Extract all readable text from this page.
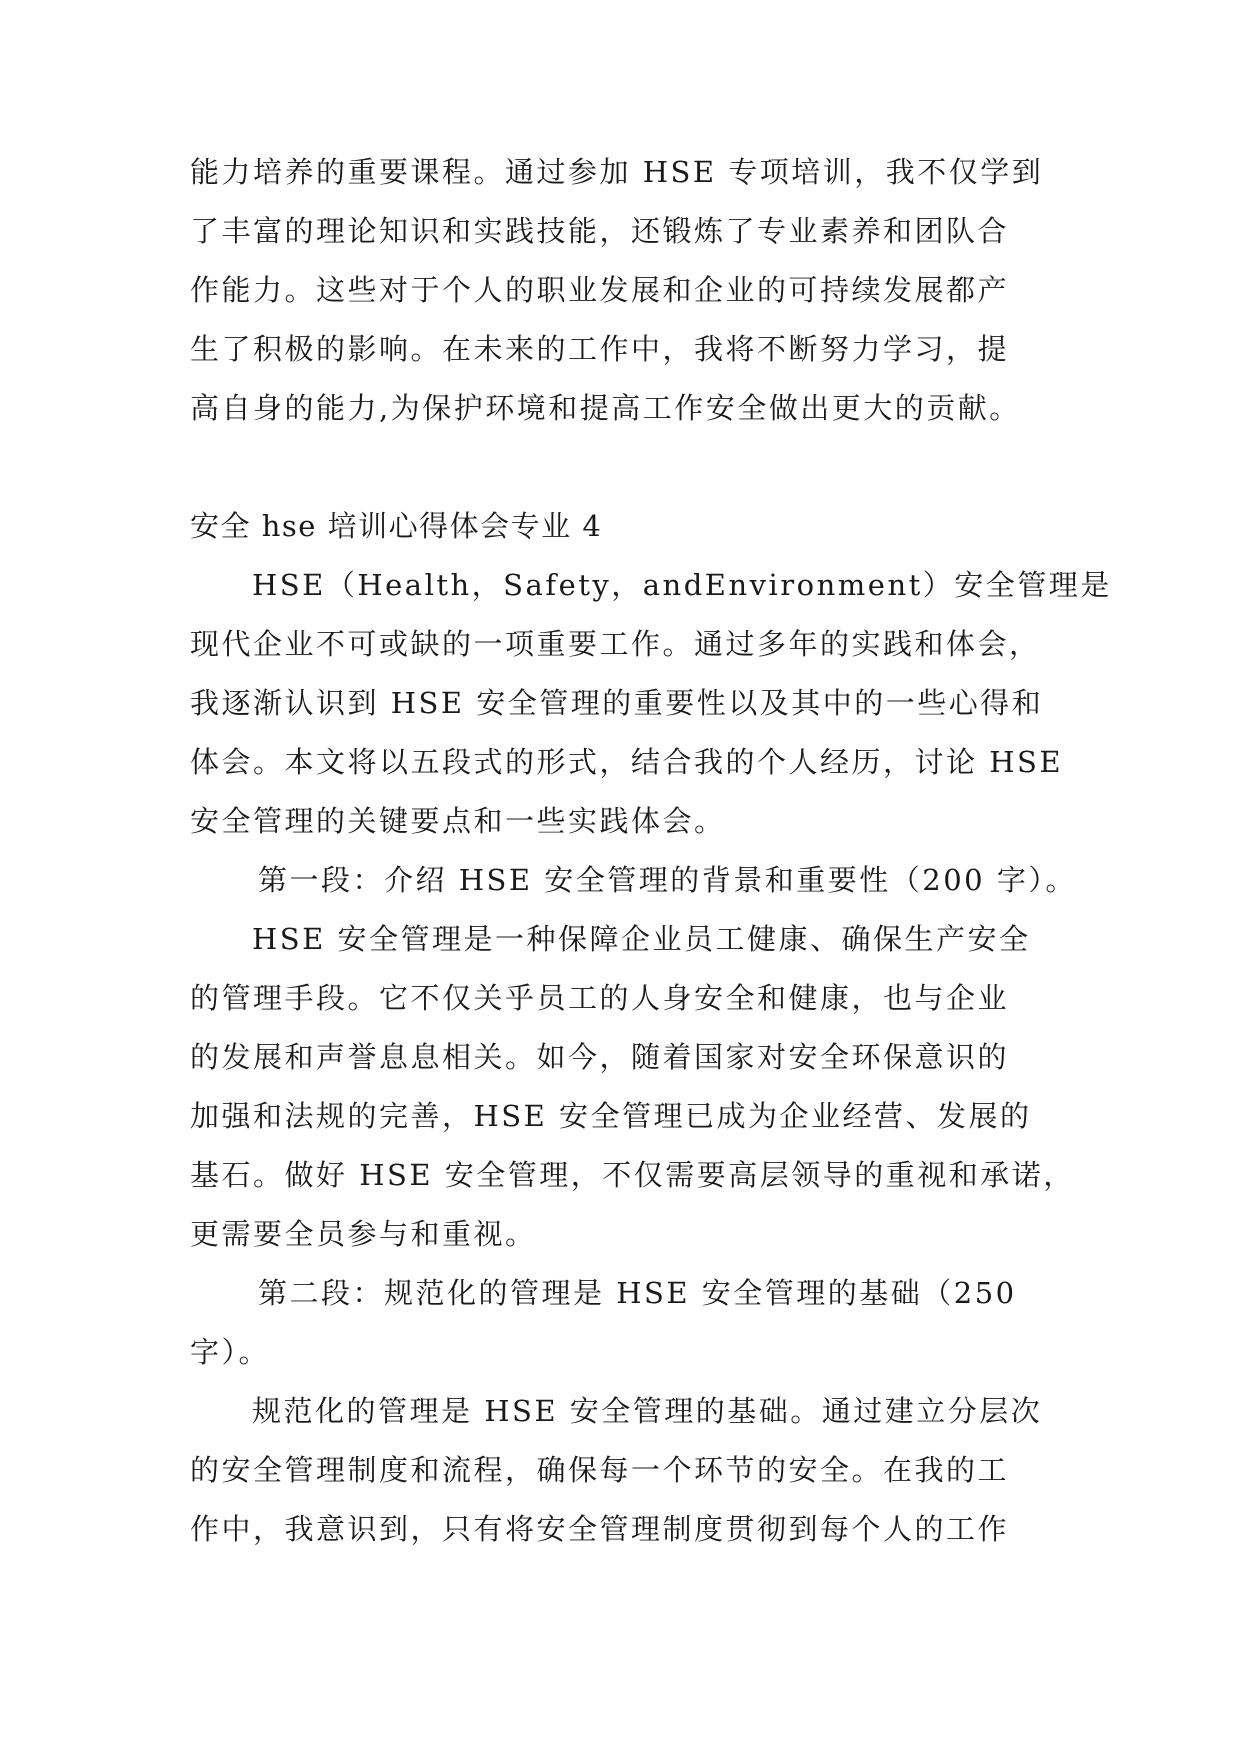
能力培养的重要课程。通过参加 HSE 专项培训，我不仅学到

了丰富的理论知识和实践技能，还锻炼了专业素养和团队合

作能力。这些对于个人的职业发展和企业的可持续发展都产

生了积极的影响。在未来的工作中，我将不断努力学习，提

高自身的能力,为保护环境和提高工作安全做出更大的贡献。

安全 hse 培训心得体会专业 4

HSE（Health，Safety，andEnvironment）安全管理是

现代企业不可或缺的一项重要工作。通过多年的实践和体会，

我逐渐认识到 HSE 安全管理的重要性以及其中的一些心得和

体会。本文将以五段式的形式，结合我的个人经历，讨论 HSE

安全管理的关键要点和一些实践体会。

第一段：介绍 HSE 安全管理的背景和重要性（200 字）。

HSE 安全管理是一种保障企业员工健康、确保生产安全

的管理手段。它不仅关乎员工的人身安全和健康，也与企业

的发展和声誉息息相关。如今，随着国家对安全环保意识的

加强和法规的完善，HSE 安全管理已成为企业经营、发展的

基石。做好 HSE 安全管理，不仅需要高层领导的重视和承诺，

更需要全员参与和重视。

第二段：规范化的管理是 HSE 安全管理的基础（250

字）。

规范化的管理是 HSE 安全管理的基础。通过建立分层次

的安全管理制度和流程，确保每一个环节的安全。在我的工

作中，我意识到，只有将安全管理制度贯彻到每个人的工作
